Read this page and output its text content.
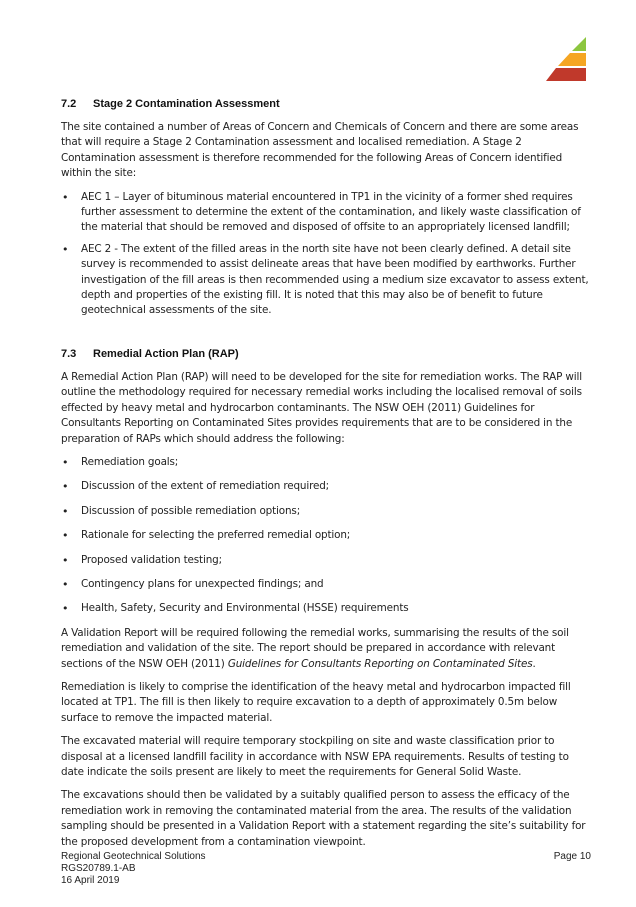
7.2	Stage 2 Contamination Assessment

The site contained a number of Areas of Concern and Chemicals of Concern and there are some areas that will require a Stage 2 Contamination assessment and localised remediation. A Stage 2 Contamination assessment is therefore recommended for the following Areas of Concern identified within the site:

• AEC 1 – Layer of bituminous material encountered in TP1 in the vicinity of a former shed requires further assessment to determine the extent of the contamination, and likely waste classification of the material that should be removed and disposed of offsite to an appropriately licensed landfill;
• AEC 2 - The extent of the filled areas in the north site have not been clearly defined. A detail site survey is recommended to assist delineate areas that have been modified by earthworks. Further investigation of the fill areas is then recommended using a medium size excavator to assess extent, depth and properties of the existing fill. It is noted that this may also be of benefit to future geotechnical assessments of the site.
7.3	Remedial Action Plan (RAP)

A Remedial Action Plan (RAP) will need to be developed for the site for remediation works. The RAP will outline the methodology required for necessary remedial works including the localised removal of soils effected by heavy metal and hydrocarbon contaminants. The NSW OEH (2011) Guidelines for Consultants Reporting on Contaminated Sites provides requirements that are to be considered in the preparation of RAPs which should address the following:

• Remediation goals;
• Discussion of the extent of remediation required;
• Discussion of possible remediation options;
• Rationale for selecting the preferred remedial option;
• Proposed validation testing;
• Contingency plans for unexpected findings; and
• Health, Safety, Security and Environmental (HSSE) requirements

A Validation Report will be required following the remedial works, summarising the results of the soil remediation and validation of the site. The report should be prepared in accordance with relevant sections of the NSW OEH (2011) Guidelines for Consultants Reporting on Contaminated Sites.

Remediation is likely to comprise the identification of the heavy metal and hydrocarbon impacted fill located at TP1. The fill is then likely to require excavation to a depth of approximately 0.5m below surface to remove the impacted material.

The excavated material will require temporary stockpiling on site and waste classification prior to disposal at a licensed landfill facility in accordance with NSW EPA requirements. Results of testing to date indicate the soils present are likely to meet the requirements for General Solid Waste.

The excavations should then be validated by a suitably qualified person to assess the efficacy of the remediation work in removing the contaminated material from the area. The results of the validation sampling should be presented in a Validation Report with a statement regarding the site’s suitability for the proposed development from a contamination viewpoint.

Regional Geotechnical Solutions
RGS20789.1-AB
16 April 2019
Page 10
